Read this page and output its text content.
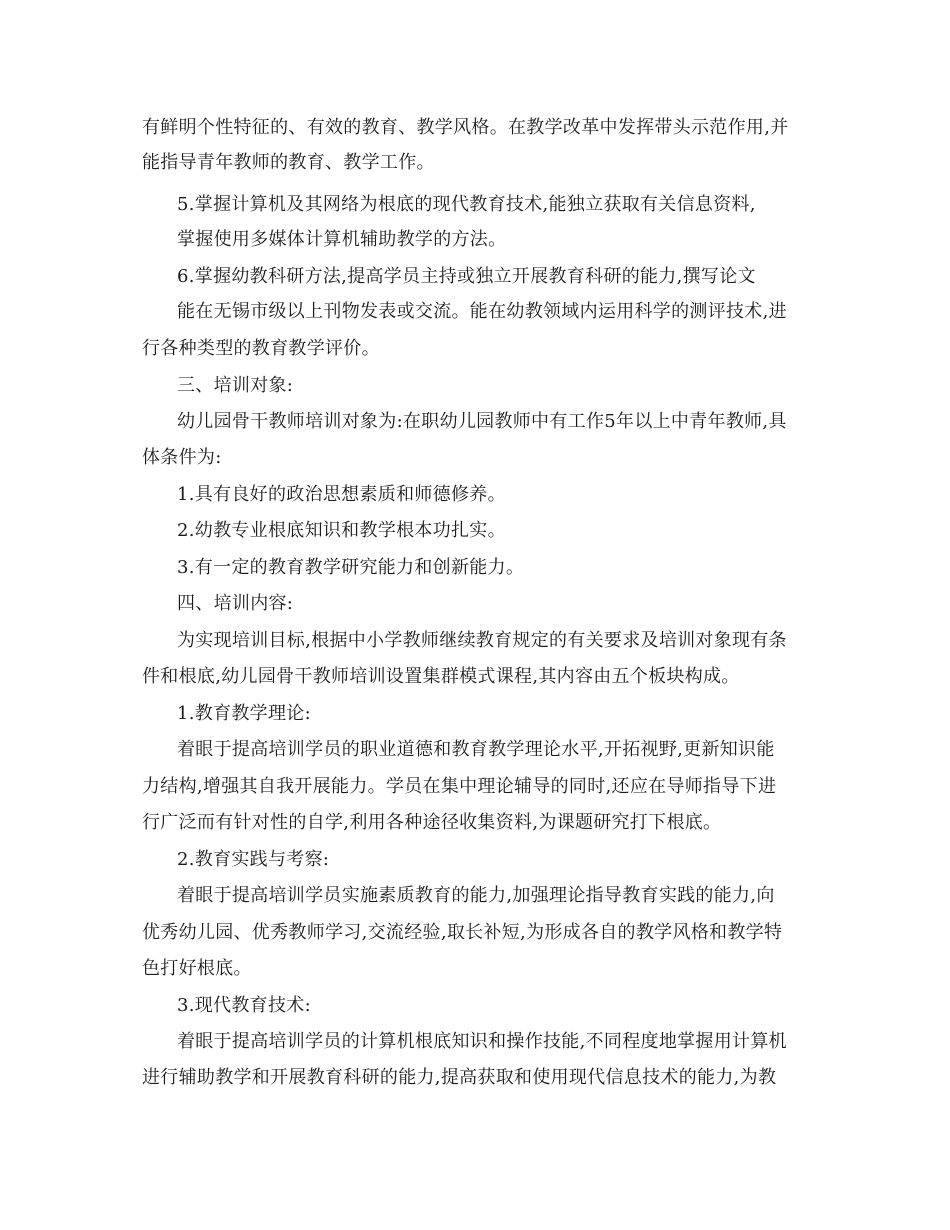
有鲜明个性特征的、有效的教育、教学风格。在教学改革中发挥带头示范作用,并
能指导青年教师的教育、教学工作。
5.掌握计算机及其网络为根底的现代教育技术,能独立获取有关信息资料,
掌握使用多媒体计算机辅助教学的方法。
6.掌握幼教科研方法,提高学员主持或独立开展教育科研的能力,撰写论文
能在无锡市级以上刊物发表或交流。能在幼教领域内运用科学的测评技术,进
行各种类型的教育教学评价。
三、培训对象:
幼儿园骨干教师培训对象为:在职幼儿园教师中有工作5年以上中青年教师,具
体条件为:
1.具有良好的政治思想素质和师德修养。
2.幼教专业根底知识和教学根本功扎实。
3.有一定的教育教学研究能力和创新能力。
四、培训内容:
为实现培训目标,根据中小学教师继续教育规定的有关要求及培训对象现有条
件和根底,幼儿园骨干教师培训设置集群模式课程,其内容由五个板块构成。
1.教育教学理论:
着眼于提高培训学员的职业道德和教育教学理论水平,开拓视野,更新知识能
力结构,增强其自我开展能力。学员在集中理论辅导的同时,还应在导师指导下进
行广泛而有针对性的自学,利用各种途径收集资料,为课题研究打下根底。
2.教育实践与考察:
着眼于提高培训学员实施素质教育的能力,加强理论指导教育实践的能力,向
优秀幼儿园、优秀教师学习,交流经验,取长补短,为形成各自的教学风格和教学特
色打好根底。
3.现代教育技术:
着眼于提高培训学员的计算机根底知识和操作技能,不同程度地掌握用计算机
进行辅助教学和开展教育科研的能力,提高获取和使用现代信息技术的能力,为教
